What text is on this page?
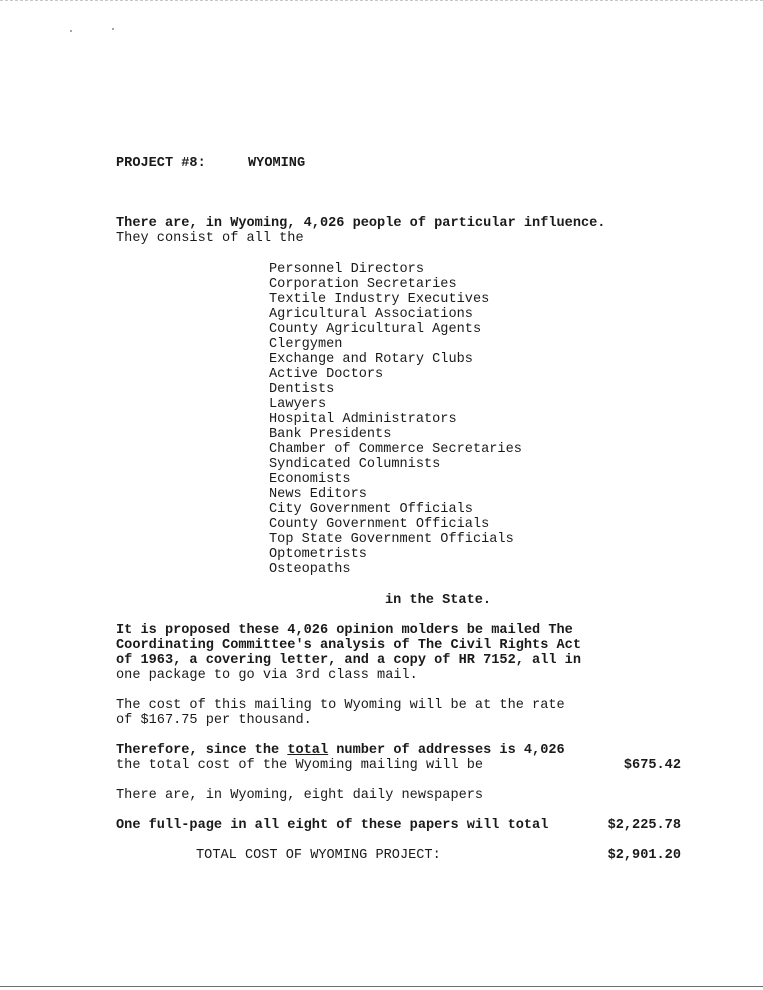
PROJECT #8:	WYOMING
There are, in Wyoming, 4,026 people of particular influence.
They consist of all the
Personnel Directors
Corporation Secretaries
Textile Industry Executives
Agricultural Associations
County Agricultural Agents
Clergymen
Exchange and Rotary Clubs
Active Doctors
Dentists
Lawyers
Hospital Administrators
Bank Presidents
Chamber of Commerce Secretaries
Syndicated Columnists
Economists
News Editors
City Government Officials
County Government Officials
Top State Government Officials
Optometrists
Osteopaths
in the State.
It is proposed these 4,026 opinion molders be mailed The
Coordinating Committee's analysis of The Civil Rights Act
of 1963, a covering letter, and a copy of HR 7152, all in
one package to go via 3rd class mail.
The cost of this mailing to Wyoming will be at the rate
of $167.75 per thousand.
Therefore, since the total number of addresses is 4,026
the total cost of the Wyoming mailing will be	$675.42
There are, in Wyoming, eight daily newspapers
One full-page in all eight of these papers will total	$2,225.78
TOTAL COST OF WYOMING PROJECT:	$2,901.20
